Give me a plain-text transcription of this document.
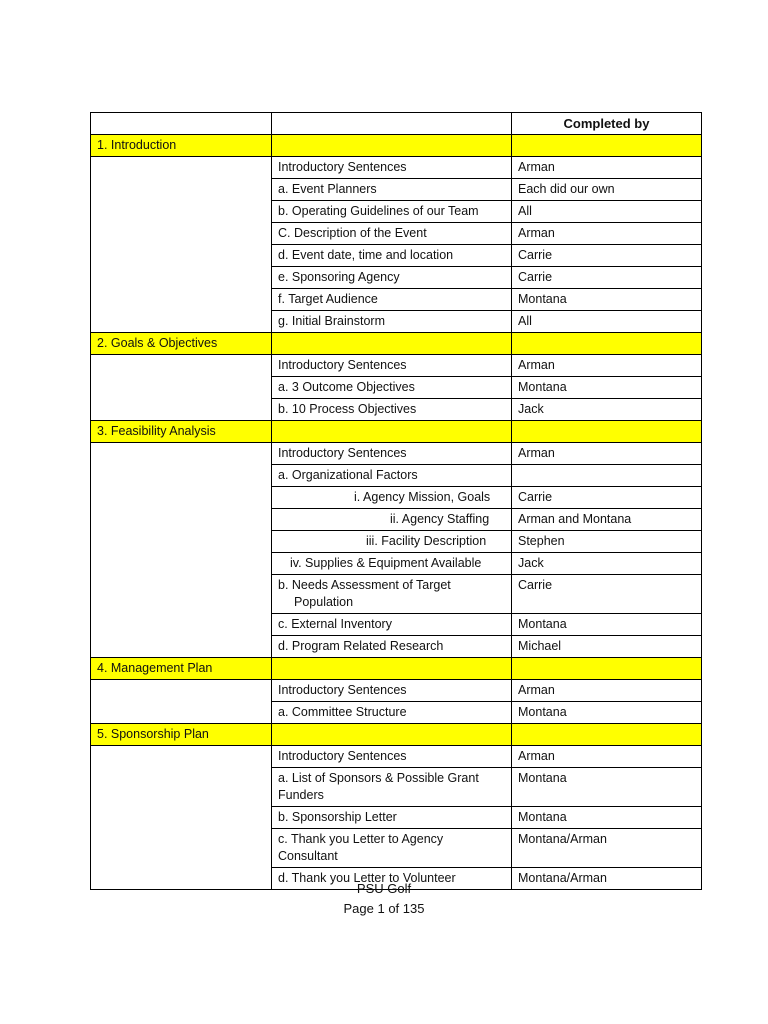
		Completed by
1. Introduction		
	Introductory Sentences	Arman
	a. Event Planners	Each did our own
	b. Operating Guidelines of our Team	All
	C. Description of the Event	Arman
	d. Event date, time and location	Carrie
	e. Sponsoring Agency	Carrie
	f. Target Audience	Montana
	g. Initial Brainstorm	All
2. Goals & Objectives		
	Introductory Sentences	Arman
	a. 3 Outcome Objectives	Montana
	b. 10 Process Objectives	Jack
3. Feasibility Analysis		
	Introductory Sentences	Arman
	a. Organizational Factors	
	i. Agency Mission, Goals	Carrie
	ii. Agency Staffing	Arman and Montana
	iii. Facility Description	Stephen
	iv. Supplies & Equipment Available	Jack
	b. Needs Assessment of Target Population	Carrie
	c. External Inventory	Montana
	d. Program Related Research	Michael
4. Management Plan		
	Introductory Sentences	Arman
	a. Committee Structure	Montana
5. Sponsorship Plan		
	Introductory Sentences	Arman
	a. List of Sponsors & Possible Grant Funders	Montana
	b. Sponsorship Letter	Montana
	c. Thank you Letter to Agency Consultant	Montana/Arman
	d. Thank you Letter to Volunteer	Montana/Arman
PSU Golf
Page 1 of 135
